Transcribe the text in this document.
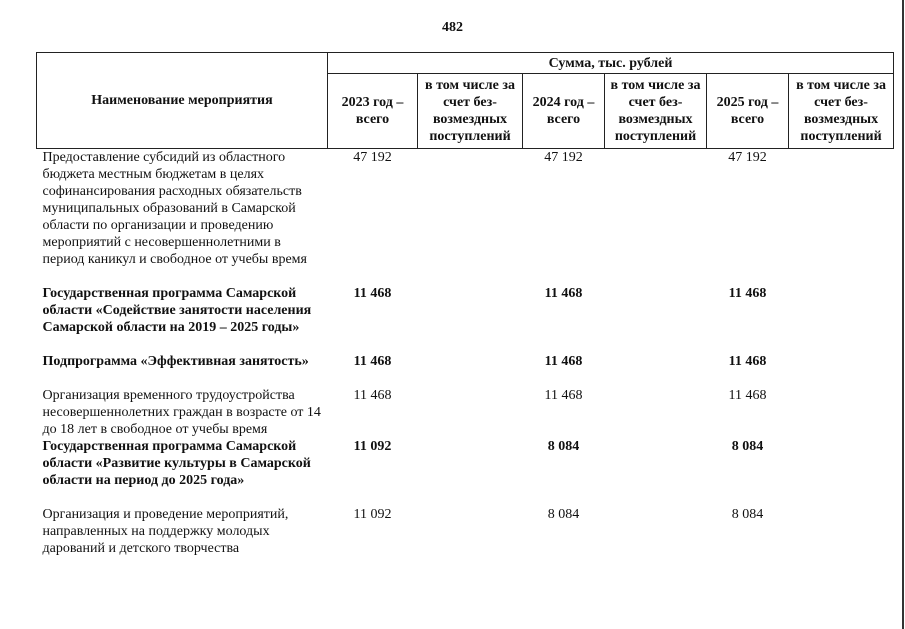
482
Наименование мероприятия	Сумма, тыс. рублей					
	2023 год – всего	в том числе за счет без-возмездных поступлений	2024 год – всего	в том числе за счет без-возмездных поступлений	2025 год – всего	в том числе за счет без-возмездных поступлений
Предоставление субсидий из областного бюджета местным бюджетам в целях софинансирования расходных обязательств муниципальных образований в Самарской области по организации и проведению мероприятий с несовершеннолетними в период каникул и свободное от учебы время	47 192		47 192		47 192	
Государственная программа Самарской области «Содействие занятости населения Самарской области на 2019 – 2025 годы»	11 468		11 468		11 468	
Подпрограмма «Эффективная занятость»	11 468		11 468		11 468	
Организация временного трудоустройства несовершеннолетних граждан в возрасте от 14 до 18 лет в свободное от учебы время	11 468		11 468		11 468	
Государственная программа Самарской области «Развитие культуры в Самарской области на период до 2025 года»	11 092		8 084		8 084	
Организация и проведение мероприятий, направленных на поддержку молодых дарований и детского творчества	11 092		8 084		8 084	
